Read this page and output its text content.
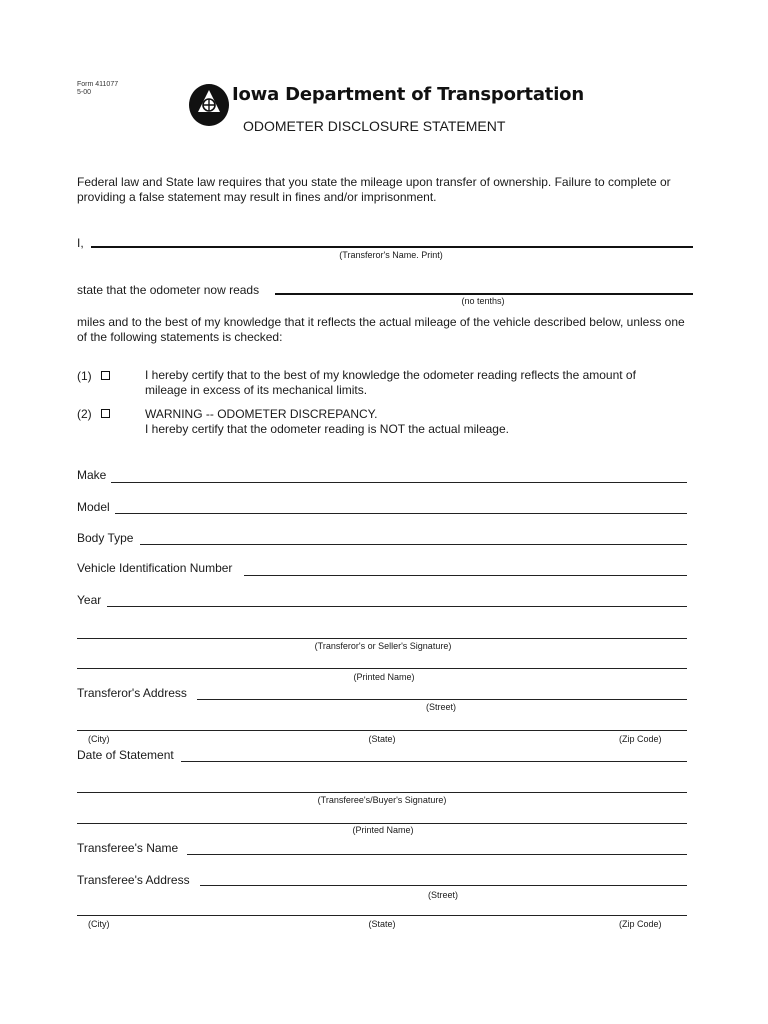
Form 411077
5-00	Iowa Department of Transportation
ODOMETER DISCLOSURE STATEMENT
Federal law and State law requires that you state the mileage upon transfer of ownership. Failure to complete or providing a false statement may result in fines and/or imprisonment.
I,
(Transferor's Name. Print)
state that the odometer now reads
(no tenths)
miles and to the best of my knowledge that it reflects the actual mileage of the vehicle described below, unless one of the following statements is checked:
(1)	I hereby certify that to the best of my knowledge the odometer reading reflects the amount of
mileage in excess of its mechanical limits.
(2)	WARNING -- ODOMETER DISCREPANCY.
I hereby certify that the odometer reading is NOT the actual mileage.
Make
Model
Body Type
Vehicle Identification Number
Year
(Transferor's or Seller's Signature)
(Printed Name)
Transferor's Address
(Street)
(City)	(State)	(Zip Code)
Date of Statement
(Transferee's/Buyer's Signature)
(Printed Name)
Transferee's Name
Transferee's Address
(Street)
(City)	(State)	(Zip Code)
